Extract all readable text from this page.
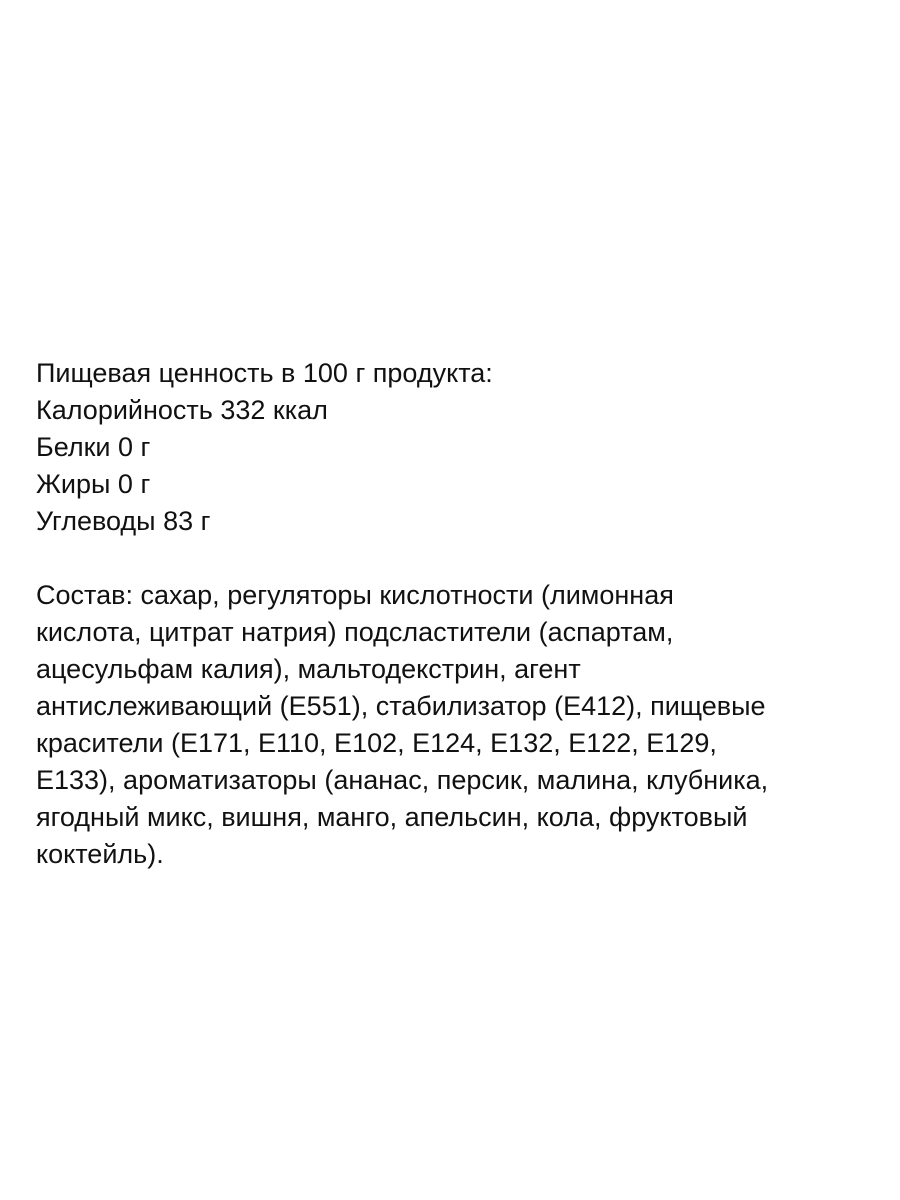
Пищевая ценность в 100 г продукта:
Калорийность 332 ккал
Белки 0 г
Жиры 0 г
Углеводы 83 г
Состав: сахар, регуляторы кислотности (лимонная
кислота, цитрат натрия) подсластители (аспартам,
ацесульфам калия), мальтодекстрин, агент
антислеживающий (Е551), стабилизатор (Е412), пищевые
красители (Е171, Е110, Е102, Е124, Е132, Е122, Е129,
Е133), ароматизаторы (ананас, персик, малина, клубника,
ягодный микс, вишня, манго, апельсин, кола, фруктовый
коктейль).
